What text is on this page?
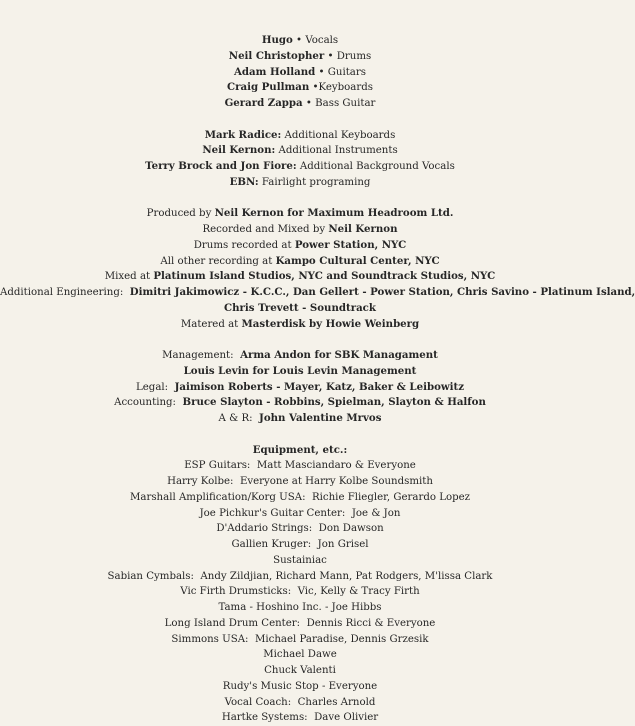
Hugo • Vocals
Neil Christopher • Drums
Adam Holland • Guitars
Craig Pullman •Keyboards
Gerard Zappa • Bass Guitar
Mark Radice: Additional Keyboards
Neil Kernon: Additional Instruments
Terry Brock and Jon Fiore: Additional Background Vocals
EBN: Fairlight programing
Produced by Neil Kernon for Maximum Headroom Ltd.
Recorded and Mixed by Neil Kernon
Drums recorded at Power Station, NYC
All other recording at Kampo Cultural Center, NYC
Mixed at Platinum Island Studios, NYC and Soundtrack Studios, NYC
Additional Engineering:  Dimitri Jakimowicz - K.C.C., Dan Gellert - Power Station, Chris Savino - Platinum Island,
Chris Trevett - Soundtrack
Matered at Masterdisk by Howie Weinberg
Management:  Arma Andon for SBK Managament
Louis Levin for Louis Levin Management
Legal:  Jaimison Roberts - Mayer, Katz, Baker & Leibowitz
Accounting:  Bruce Slayton - Robbins, Spielman, Slayton & Halfon
A & R:  John Valentine Mrvos
Equipment, etc.:
ESP Guitars:  Matt Masciandaro & Everyone
Harry Kolbe:  Everyone at Harry Kolbe Soundsmith
Marshall Amplification/Korg USA:  Richie Fliegler, Gerardo Lopez
Joe Pichkur's Guitar Center:  Joe & Jon
D'Addario Strings:  Don Dawson
Gallien Kruger:  Jon Grisel
Sustainiac
Sabian Cymbals:  Andy Zildjian, Richard Mann, Pat Rodgers, M'lissa Clark
Vic Firth Drumsticks:  Vic, Kelly & Tracy Firth
Tama - Hoshino Inc. - Joe Hibbs
Long Island Drum Center:  Dennis Ricci & Everyone
Simmons USA:  Michael Paradise, Dennis Grzesik
Michael Dawe
Chuck Valenti
Rudy's Music Stop - Everyone
Vocal Coach:  Charles Arnold
Hartke Systems:  Dave Olivier
